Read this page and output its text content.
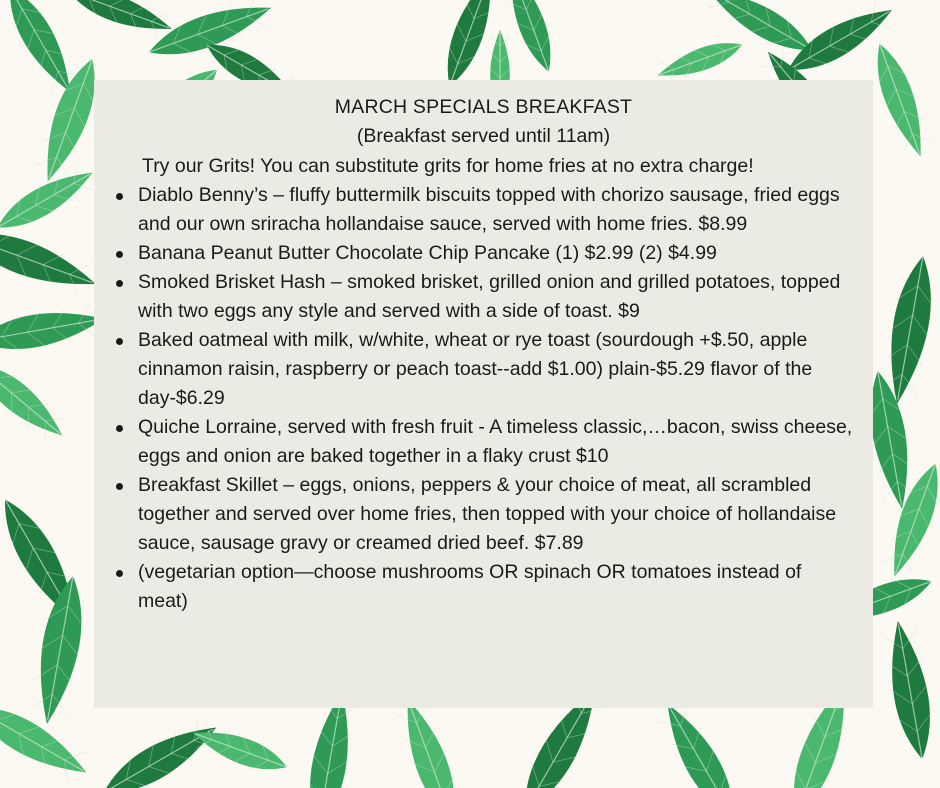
MARCH SPECIALS BREAKFAST
(Breakfast served until 11am)
Try our Grits! You can substitute grits for home fries at no extra charge!
Diablo Benny’s – fluffy buttermilk biscuits topped with chorizo sausage, fried eggs and our own sriracha hollandaise sauce, served with home fries. $8.99
Banana Peanut Butter Chocolate Chip Pancake (1) $2.99 (2) $4.99
Smoked Brisket Hash – smoked brisket, grilled onion and grilled potatoes, topped with two eggs any style and served with a side of toast. $9
Baked oatmeal with milk, w/white, wheat or rye toast (sourdough +$.50, apple cinnamon raisin, raspberry or peach toast--add $1.00) plain-$5.29 flavor of the day-$6.29
Quiche Lorraine, served with fresh fruit - A timeless classic,…bacon, swiss cheese, eggs and onion are baked together in a flaky crust $10
Breakfast Skillet – eggs, onions, peppers & your choice of meat, all scrambled together and served over home fries, then topped with your choice of hollandaise sauce, sausage gravy or creamed dried beef. $7.89
(vegetarian option—choose mushrooms OR spinach OR tomatoes instead of meat)
